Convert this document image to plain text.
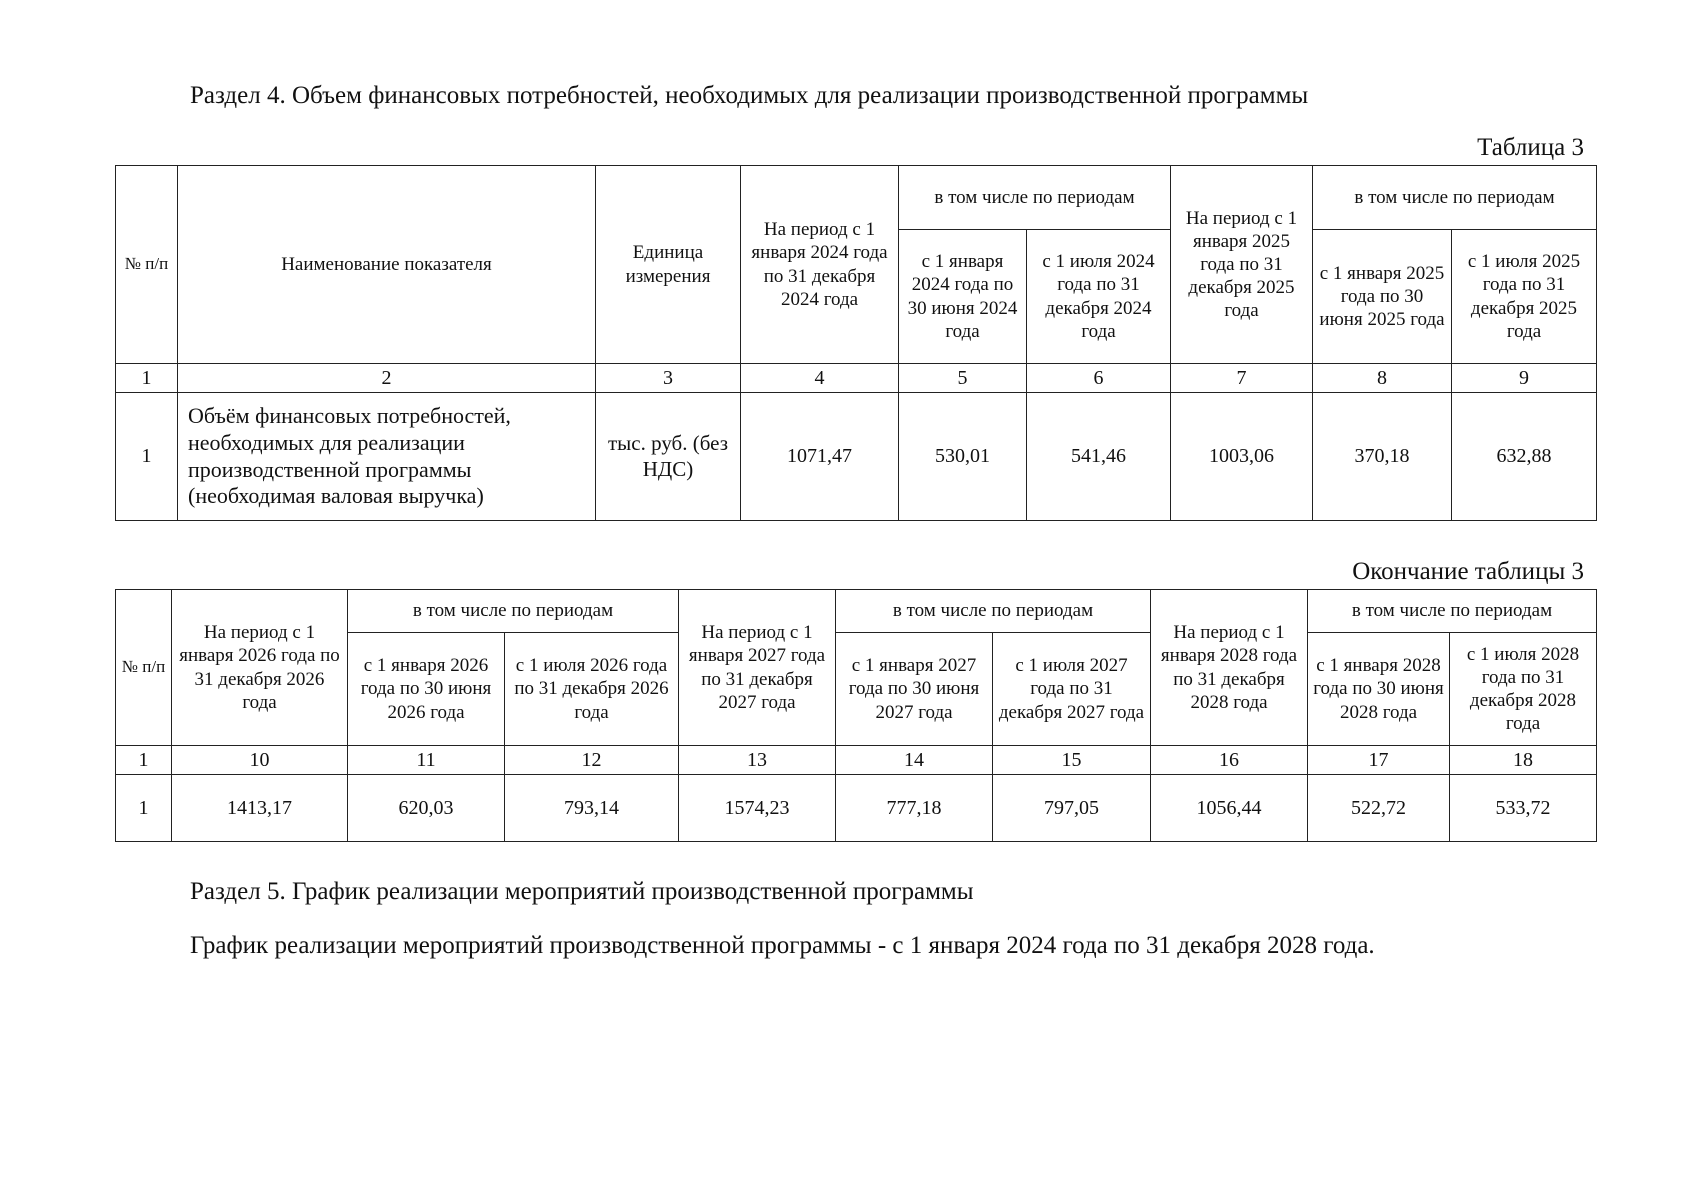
Раздел 4. Объем финансовых потребностей, необходимых для реализации производственной программы
Таблица 3
№ п/п	Наименование показателя	Единица измерения	На период с 1 января 2024 года по 31 декабря 2024 года	в том числе по периодам		На период с 1 января 2025 года по 31 декабря 2025 года	в том числе по периодам	
				с 1 января 2024 года по 30 июня 2024 года	с 1 июля 2024 года по 31 декабря 2024 года		с 1 января 2025 года по 30 июня 2025 года	с 1 июля 2025 года по 31 декабря 2025 года
1	2	3	4	5	6	7	8	9
1	Объём финансовых потребностей, необходимых для реализации производственной программы (необходимая валовая выручка)	тыс. руб. (без НДС)	1071,47	530,01	541,46	1003,06	370,18	632,88
Окончание таблицы 3
№ п/п	На период с 1 января 2026 года по 31 декабря 2026 года	в том числе по периодам		На период с 1 января 2027 года по 31 декабря 2027 года	в том числе по периодам		На период с 1 января 2028 года по 31 декабря 2028 года	в том числе по периодам	
		с 1 января 2026 года по 30 июня 2026 года	с 1 июля 2026 года по 31 декабря 2026 года		с 1 января 2027 года по 30 июня 2027 года	с 1 июля 2027 года по 31 декабря 2027 года		с 1 января 2028 года по 30 июня 2028 года	с 1 июля 2028 года по 31 декабря 2028 года
1	10	11	12	13	14	15	16	17	18
1	1413,17	620,03	793,14	1574,23	777,18	797,05	1056,44	522,72	533,72
Раздел 5. График реализации мероприятий производственной программы
График реализации мероприятий производственной программы - с 1 января 2024 года по 31 декабря 2028 года.
